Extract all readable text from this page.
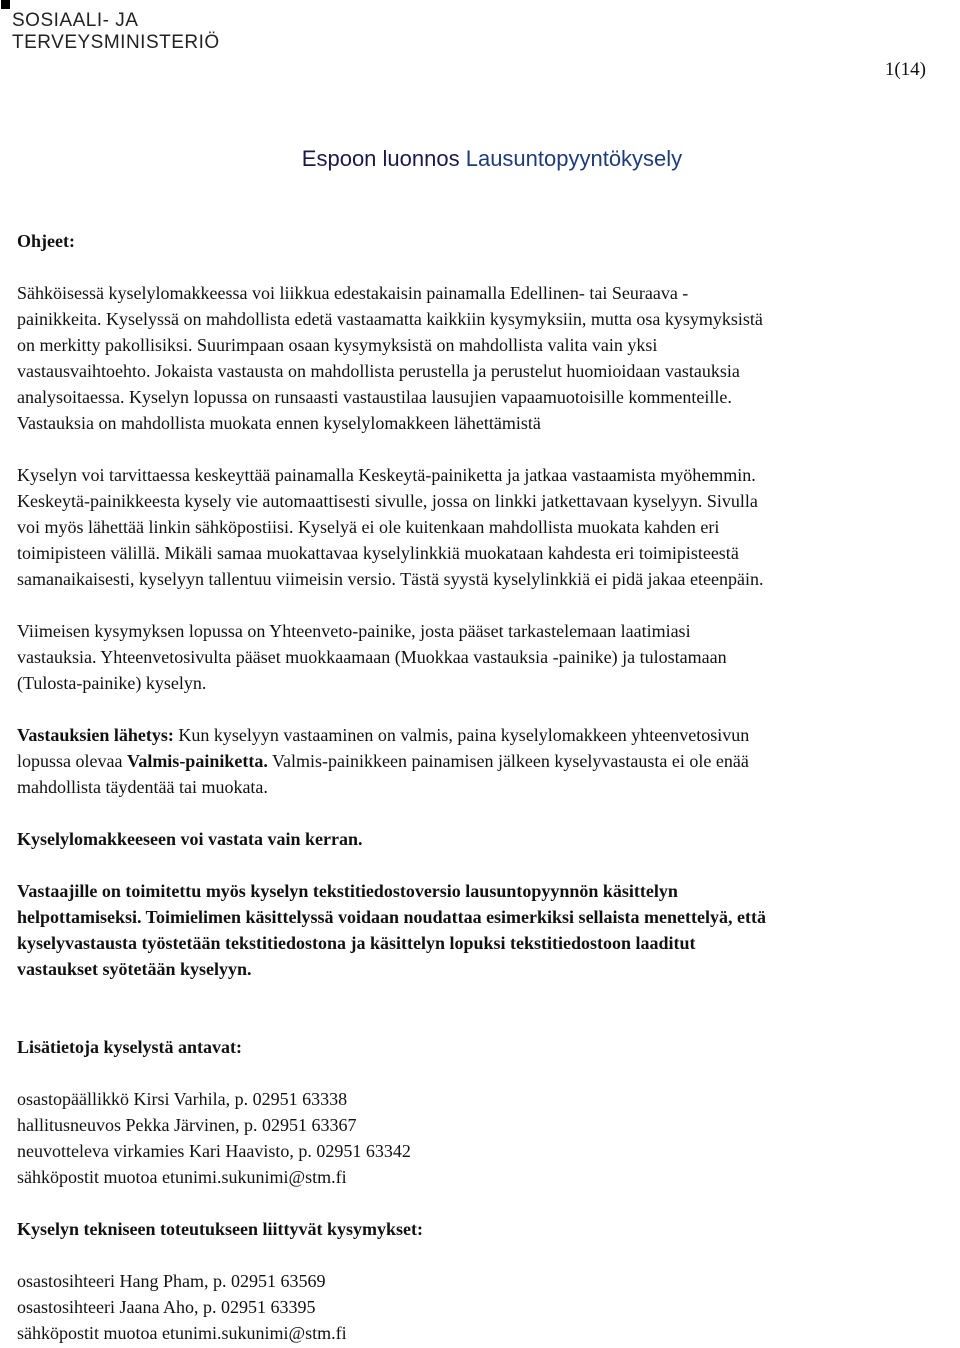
SOSIAALI- JA
TERVEYSMINISTERIÖ
1(14)
Espoon luonnos Lausuntopyyntökysely

Ohjeet:

Sähköisessä kyselylomakkeessa voi liikkua edestakaisin painamalla Edellinen- tai Seuraava -
painikkeita. Kyselyssä on mahdollista edetä vastaamatta kaikkiin kysymyksiin, mutta osa kysymyksistä
on merkitty pakollisiksi. Suurimpaan osaan kysymyksistä on mahdollista valita vain yksi
vastausvaihtoehto. Jokaista vastausta on mahdollista perustella ja perustelut huomioidaan vastauksia
analysoitaessa. Kyselyn lopussa on runsaasti vastaustilaa lausujien vapaamuotoisille kommenteille.
Vastauksia on mahdollista muokata ennen kyselylomakkeen lähettämistä

Kyselyn voi tarvittaessa keskeyttää painamalla Keskeytä-painiketta ja jatkaa vastaamista myöhemmin.
Keskeytä-painikkeesta kysely vie automaattisesti sivulle, jossa on linkki jatkettavaan kyselyyn. Sivulla
voi myös lähettää linkin sähköpostiisi. Kyselyä ei ole kuitenkaan mahdollista muokata kahden eri
toimipisteen välillä. Mikäli samaa muokattavaa kyselylinkkiä muokataan kahdesta eri toimipisteestä
samanaikaisesti, kyselyyn tallentuu viimeisin versio. Tästä syystä kyselylinkkiä ei pidä jakaa eteenpäin.

Viimeisen kysymyksen lopussa on Yhteenveto-painike, josta pääset tarkastelemaan laatimiasi
vastauksia. Yhteenvetosivulta pääset muokkaamaan (Muokkaa vastauksia -painike) ja tulostamaan
(Tulosta-painike) kyselyn.

Vastauksien lähetys: Kun kyselyyn vastaaminen on valmis, paina kyselylomakkeen yhteenvetosivun
lopussa olevaa Valmis-painiketta. Valmis-painikkeen painamisen jälkeen kyselyvastausta ei ole enää
mahdollista täydentää tai muokata.

Kyselylomakkeeseen voi vastata vain kerran.

Vastaajille on toimitettu myös kyselyn tekstitiedostoversio lausuntopyynnön käsittelyn
helpottamiseksi. Toimielimen käsittelyssä voidaan noudattaa esimerkiksi sellaista menettelyä, että
kyselyvastausta työstetään tekstitiedostona ja käsittelyn lopuksi tekstitiedostoon laaditut
vastaukset syötetään kyselyyn.

Lisätietoja kyselystä antavat:

osastopäällikkö Kirsi Varhila, p. 02951 63338
hallitusneuvos Pekka Järvinen, p. 02951 63367
neuvotteleva virkamies Kari Haavisto, p. 02951 63342
sähköpostit muotoa etunimi.sukunimi@stm.fi

Kyselyn tekniseen toteutukseen liittyvät kysymykset:

osastosihteeri Hang Pham, p. 02951 63569
osastosihteeri Jaana Aho, p. 02951 63395
sähköpostit muotoa etunimi.sukunimi@stm.fi
